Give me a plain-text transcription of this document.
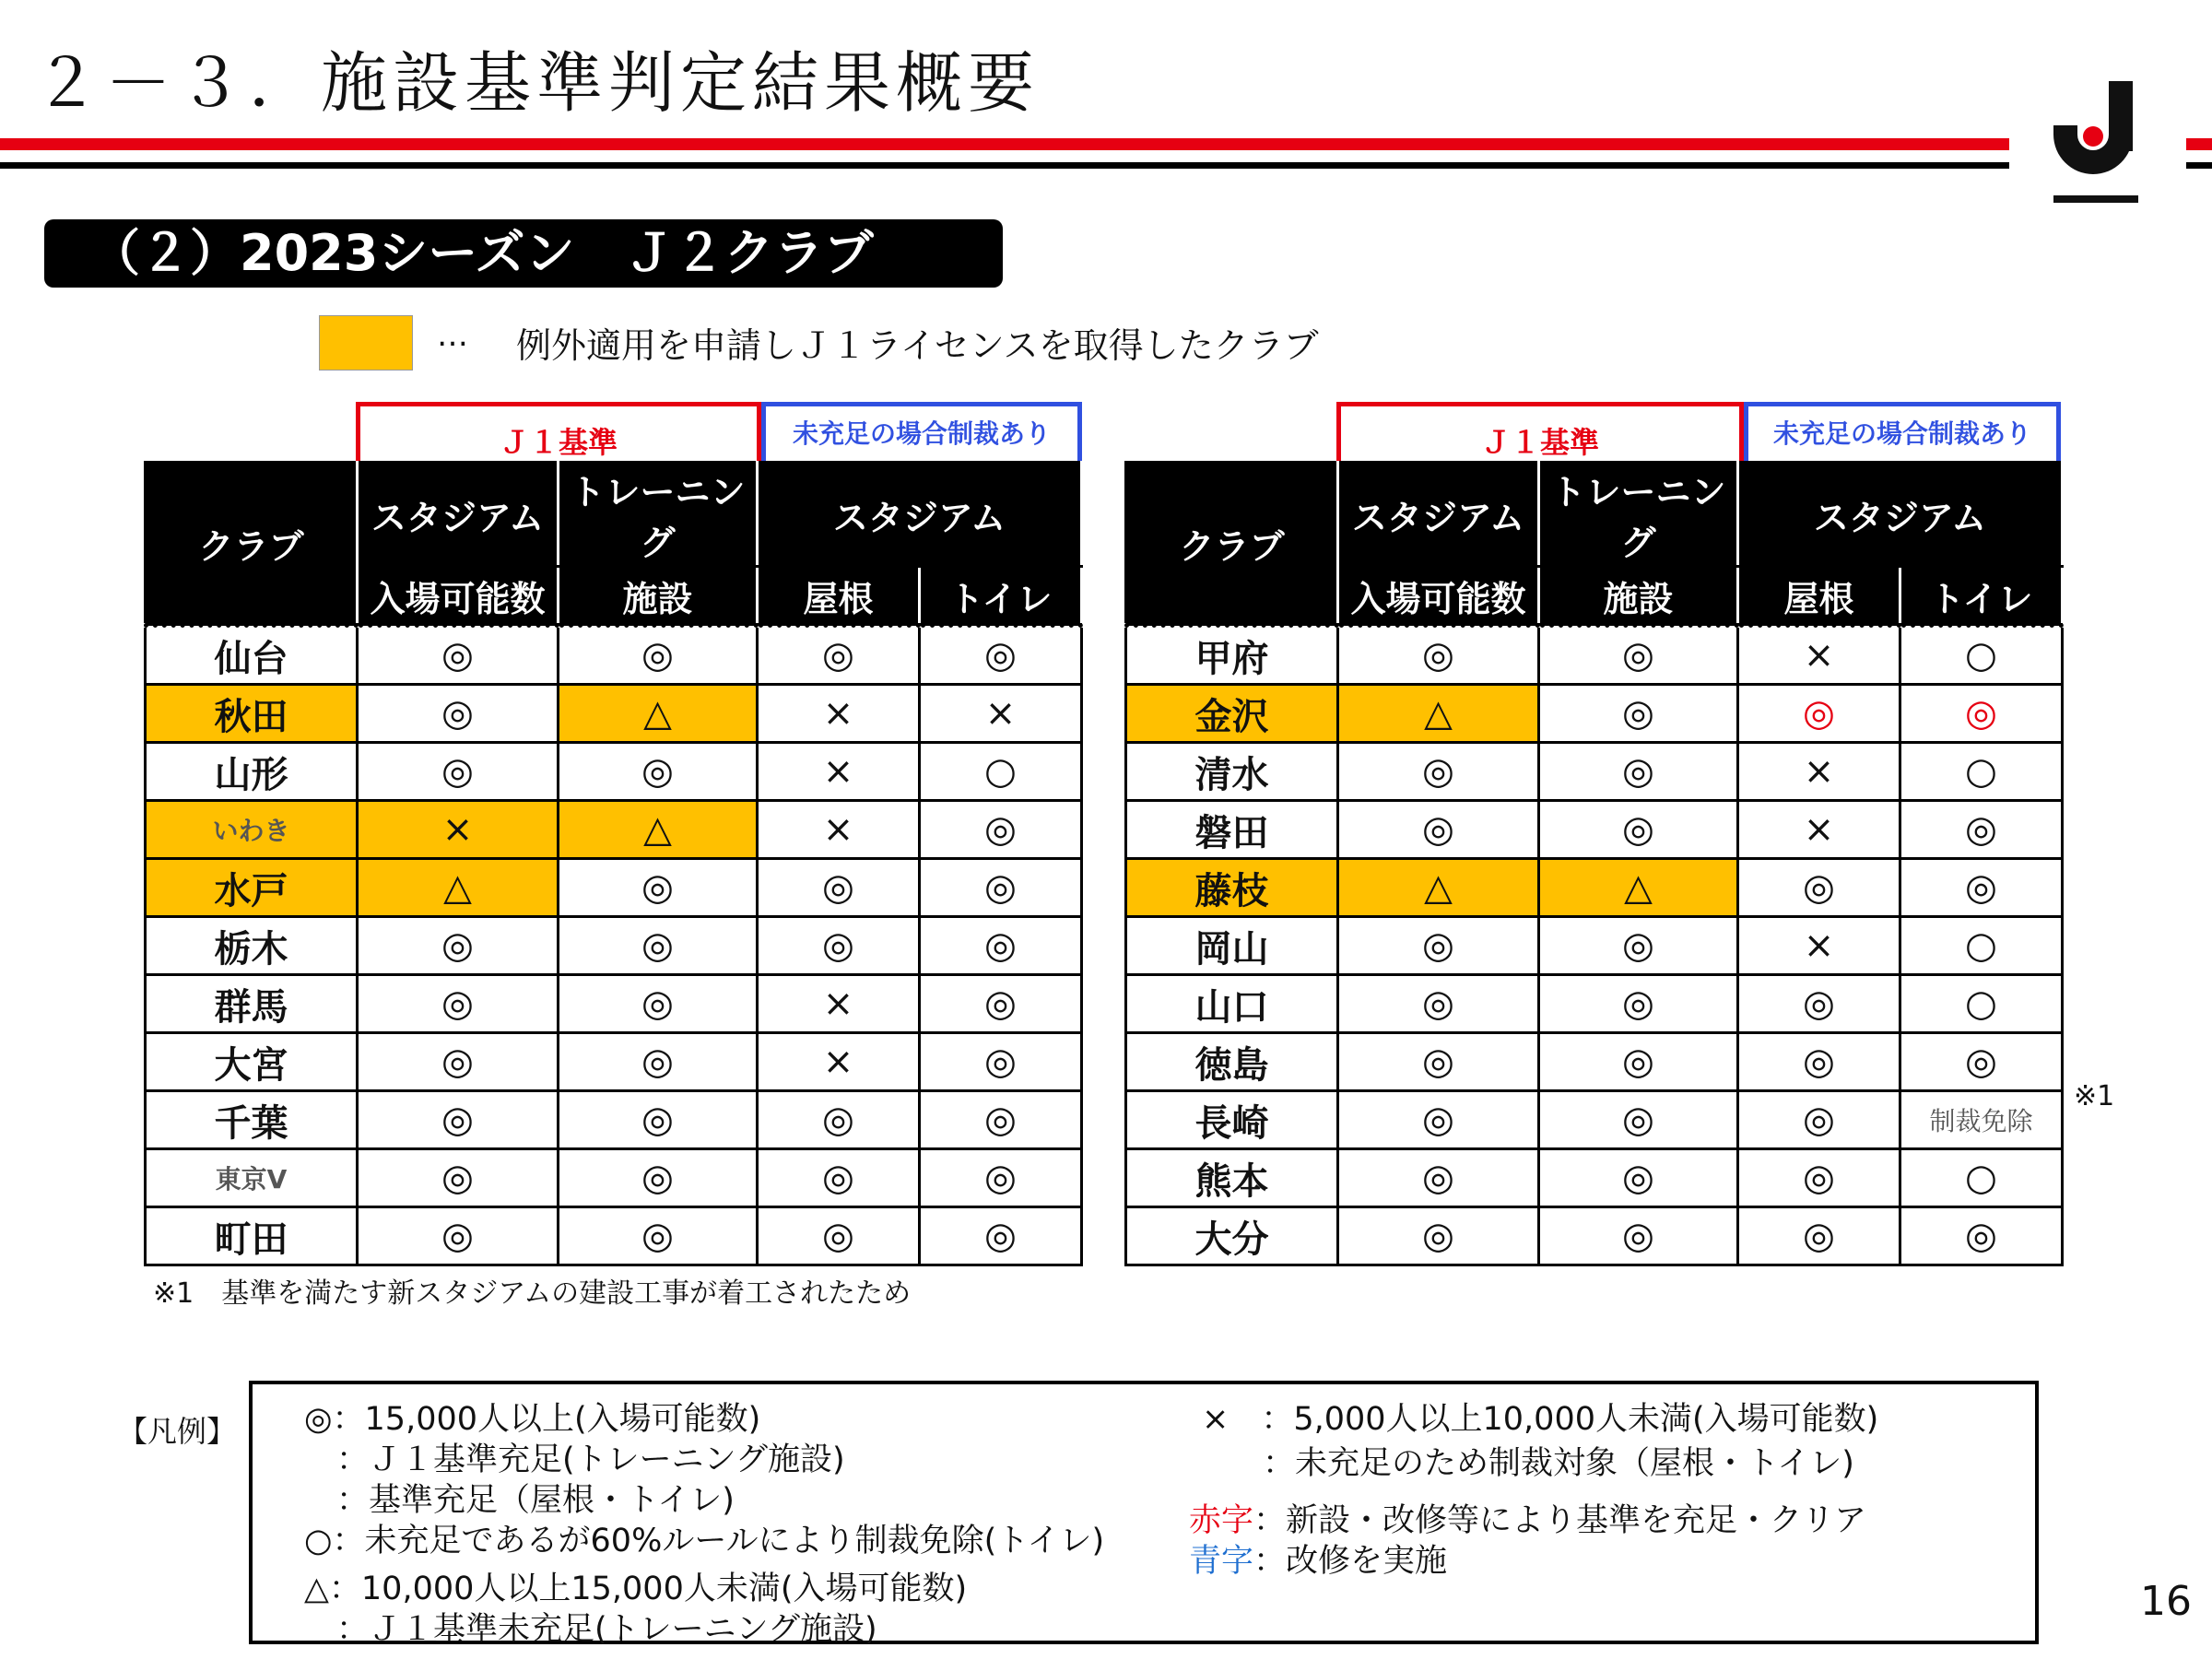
２－３．施設基準判定結果概要
（２）2023シーズン　Ｊ２クラブ
… 例外適用を申請しＪ１ライセンスを取得したクラブ
Ｊ１基準	未充足の場合制裁あり
クラブ	スタジアム	トレーニング	スタジアム	
	入場可能数	施設	屋根	トイレ
仙台	◎	◎	◎	◎
秋田	◎	△	×	×
山形	◎	◎	×	○
いわき	×	△	×	◎
水戸	△	◎	◎	◎
栃木	◎	◎	◎	◎
群馬	◎	◎	×	◎
大宮	◎	◎	×	◎
千葉	◎	◎	◎	◎
東京V	◎	◎	◎	◎
町田	◎	◎	◎	◎
Ｊ１基準	未充足の場合制裁あり
クラブ	スタジアム	トレーニング	スタジアム	
	入場可能数	施設	屋根	トイレ
甲府	◎	◎	×	○
金沢	△	◎	◎	◎
清水	◎	◎	×	○
磐田	◎	◎	×	◎
藤枝	△	△	◎	◎
岡山	◎	◎	×	○
山口	◎	◎	◎	○
徳島	◎	◎	◎	◎
長崎	◎	◎	◎	制裁免除
熊本	◎	◎	◎	○
大分	◎	◎	◎	◎
※1
※1　基準を満たす新スタジアムの建設工事が着工されたため
【凡例】 ◎：15,000人以上(入場可能数)
　：Ｊ１基準充足(トレーニング施設)
　：基準充足（屋根・トイレ)
○：未充足であるが60%ルールにより制裁免除(トイレ)
△：10,000人以上15,000人未満(入場可能数)
　：Ｊ１基準未充足(トレーニング施設)
×　：5,000人以上10,000人未満(入場可能数)
：未充足のため制裁対象（屋根・トイレ)
赤字：新設・改修等により基準を充足・クリア
青字：改修を実施
16
